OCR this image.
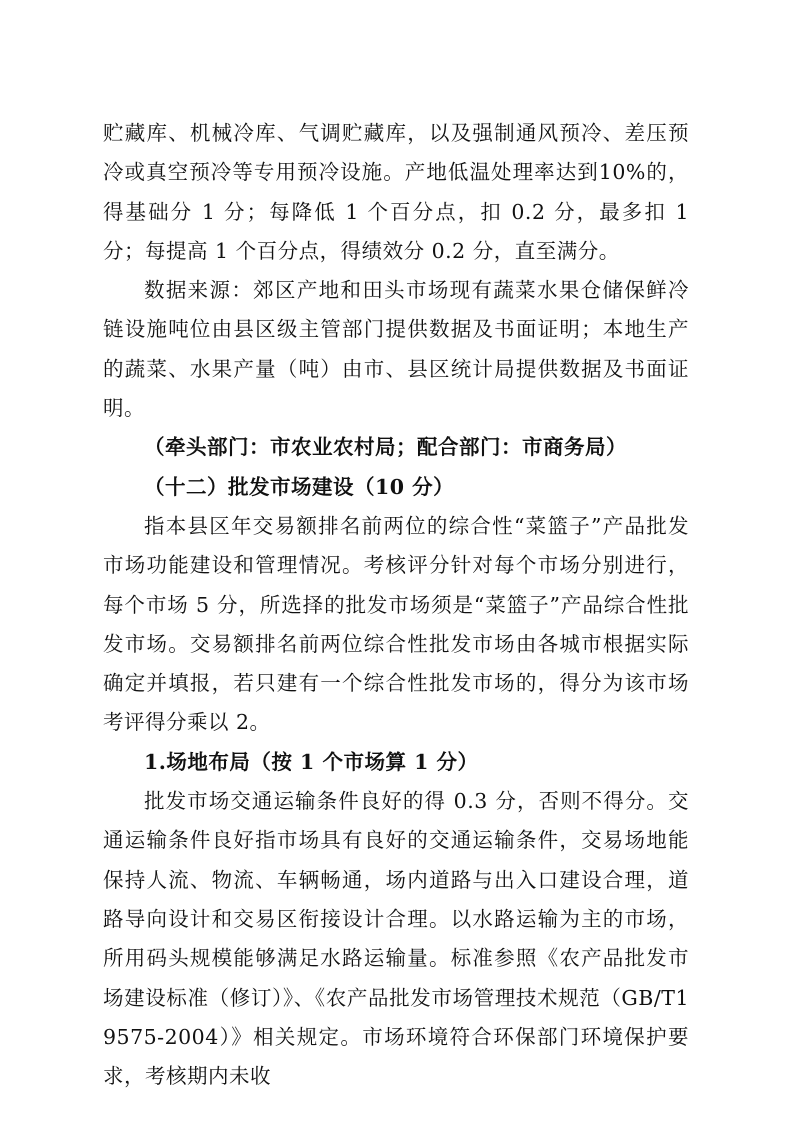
贮藏库、机械冷库、气调贮藏库，以及强制通风预冷、差压预冷或真空预冷等专用预冷设施。产地低温处理率达到10%的，得基础分 1 分；每降低 1 个百分点，扣 0.2 分，最多扣 1 分；每提高 1 个百分点，得绩效分 0.2 分，直至满分。

数据来源：郊区产地和田头市场现有蔬菜水果仓储保鲜冷链设施吨位由县区级主管部门提供数据及书面证明；本地生产的蔬菜、水果产量（吨）由市、县区统计局提供数据及书面证明。

（牵头部门：市农业农村局；配合部门：市商务局）

（十二）批发市场建设（10 分）

指本县区年交易额排名前两位的综合性“菜篮子”产品批发市场功能建设和管理情况。考核评分针对每个市场分别进行，每个市场 5 分，所选择的批发市场须是“菜篮子”产品综合性批发市场。交易额排名前两位综合性批发市场由各城市根据实际确定并填报，若只建有一个综合性批发市场的，得分为该市场考评得分乘以 2。

1.场地布局（按 1 个市场算 1 分）

批发市场交通运输条件良好的得 0.3 分，否则不得分。交通运输条件良好指市场具有良好的交通运输条件，交易场地能保持人流、物流、车辆畅通，场内道路与出入口建设合理，道路导向设计和交易区衔接设计合理。以水路运输为主的市场，所用码头规模能够满足水路运输量。标准参照《农产品批发市场建设标准（修订）》、《农产品批发市场管理技术规范（GB/T19575-2004）》相关规定。市场环境符合环保部门环境保护要求，考核期内未收
